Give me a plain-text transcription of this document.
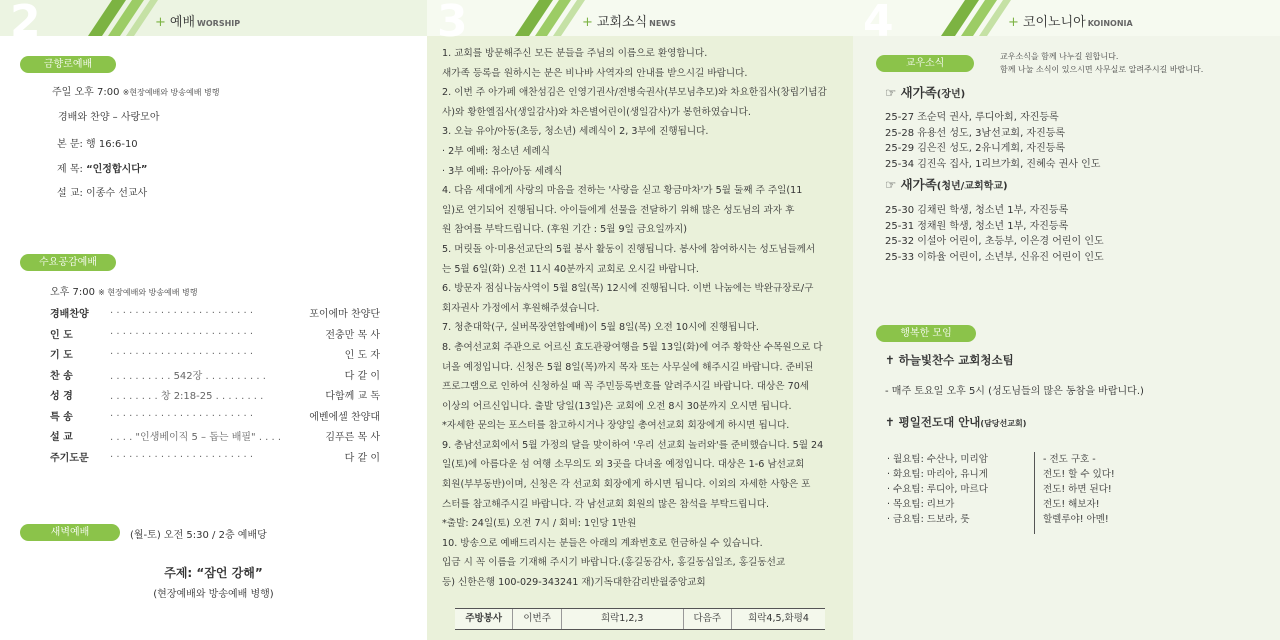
2	+ 예배 WORSHIP
금향로예배
주일 오후 7:00 ※현장예배와 방송예배 병행
경배와 찬양 – 사랑모아
본 문: 행 16:6-10
제 목: “인정합시다”
설 교: 이종수 선교사
수요공감예배
오후 7:00 ※ 현장예배와 방송예배 병행
경배찬양 . . . . . . . . . . . . . . . . . . . . . . .	포이에마 찬양단
인 도	. . . . . . . . . . . . . . . . . . . . . . .	전충만 목 사
기 도	. . . . . . . . . . . . . . . . . . . . . . .	인 도 자
찬 송	. . . . . . . . . . 542장 . . . . . . . . . .	다 같 이
성 경	. . . . . . . . 창 2:18-25 . . . . . . . .	다함께 교 독
특 송	. . . . . . . . . . . . . . . . . . . . . . .	에벤에셀 찬양대
설 교	. . . . "인생베이직 5 – 돕는 배필" . . . .	김푸른 목 사
주기도문 . . . . . . . . . . . . . . . . . . . . . . .	다 같 이
새벽예배	(월-토) 오전 5:30 / 2층 예배당
주제: “잠언 강해”
(현장예배와 방송예배 병행)
3	+ 교회소식 NEWS

1. 교회를 방문해주신 모든 분들을 주님의 이름으로 환영합니다.

새가족 등록을 원하시는 분은 비나바 사역자의 안내를 받으시길 바랍니다.

2. 이번 주 아가페 애찬섬김은 인영기권사/전병숙권사(부모님추모)와 차요한집사(창립기념감

사)와 황한엘집사(생일감사)와 차은별어린이(생일감사)가 봉헌하였습니다.

3. 오늘 유아/아동(초등, 청소년) 세례식이 2, 3부에 진행됩니다.

· 2부 예배: 청소년 세례식

· 3부 예배: 유아/아동 세례식

4. 다음 세대에게 사랑의 마음을 전하는 '사랑을 싣고 황금마차'가 5월 둘째 주 주일(11

일)로 연기되어 진행됩니다. 아이들에게 선물을 전달하기 위해 많은 성도님의 과자 후

원 참여를 부탁드립니다. (후원 기간 : 5월 9일 금요일까지)

5. 머릿돌 아·미용선교단의 5월 봉사 활동이 진행됩니다. 봉사에 참여하시는 성도님들께서

는 5월 6일(화) 오전 11시 40분까지 교회로 오시길 바랍니다.

6. 방문자 점심나눔사역이 5월 8일(목) 12시에 진행됩니다. 이번 나눔에는 박완규장로/구

회자권사 가정에서 후원해주셨습니다.

7. 청춘대학(구, 실버목장연합예배)이 5월 8일(목) 오전 10시에 진행됩니다.

8. 총여선교회 주관으로 어르신 효도관광여행을 5월 13일(화)에 여주 황학산 수목원으로 다

녀올 예정입니다. 신청은 5월 8일(목)까지 목자 또는 사무실에 해주시길 바랍니다. 준비된

프로그램으로 인하여 신청하실 때 꼭 주민등록번호를 알려주시길 바랍니다. 대상은 70세

이상의 어르신입니다. 출발 당일(13일)은 교회에 오전 8시 30분까지 오시면 됩니다.

*자세한 문의는 포스터를 참고하시거나 장양일 총여선교회 회장에게 하시면 됩니다.

9. 총남선교회에서 5월 가정의 달을 맞이하여 '우리 선교회 놀러와'를 준비했습니다. 5월 24

일(토)에 아름다운 섬 여행 소무의도 외 3곳을 다녀올 예정입니다. 대상은 1-6 남선교회

회원(부부동반)이며, 신청은 각 선교회 회장에게 하시면 됩니다. 이외의 자세한 사항은 포

스터를 참고해주시길 바랍니다. 각 남선교회 회원의 많은 참석을 부탁드립니다.

*출발: 24일(토) 오전 7시 / 회비: 1인당 1만원

10. 방송으로 예배드리시는 분들은 아래의 계좌번호로 헌금하실 수 있습니다.

입금 시 꼭 이름을 기재해 주시기 바랍니다.(홍길동감사, 홍길동십일조, 홍길동선교

등) 신한은행 100-029-343241 재)기독대한감리반월중앙교회

주방봉사	이번주	희락1,2,3	다음주	희락4,5,화평4
4	+ 코이노니아 KOINONIA
교우소식을 함께 나누길 원합니다.
함께 나눌 소식이 있으시면 사무실로 알려주시길 바랍니다.
교우소식
☞ 새가족(장년)
25-27 조순덕 권사, 루디아회, 자진등록
25-28 유용선 성도, 3남선교회, 자진등록
25-29 김은진 성도, 2유니게회, 자진등록
25-34 김진옥 집사, 1리브가회, 진혜숙 권사 인도
☞ 새가족(청년/교회학교)
25-30 김채린 학생, 청소년 1부, 자진등록
25-31 정채원 학생, 청소년 1부, 자진등록
25-32 이설아 어린이, 초등부, 이은경 어린이 인도
25-33 이하율 어린이, 소년부, 신유진 어린이 인도
행복한 모임
✝ 하늘빛찬수 교회청소팀
- 매주 토요일 오후 5시 (성도님들의 많은 동참을 바랍니다.)
✝ 평일전도대 안내(담당선교회)
· 월요팀: 수산나, 미리암
· 화요팀: 마리아, 유니게
· 수요팀: 루디아, 마르다
· 목요팀: 리브가
· 금요팀: 드보라, 룻
- 전도 구호 -
전도! 할 수 있다!
전도! 하면 된다!
전도! 해보자!
할렐루야! 아멘!
